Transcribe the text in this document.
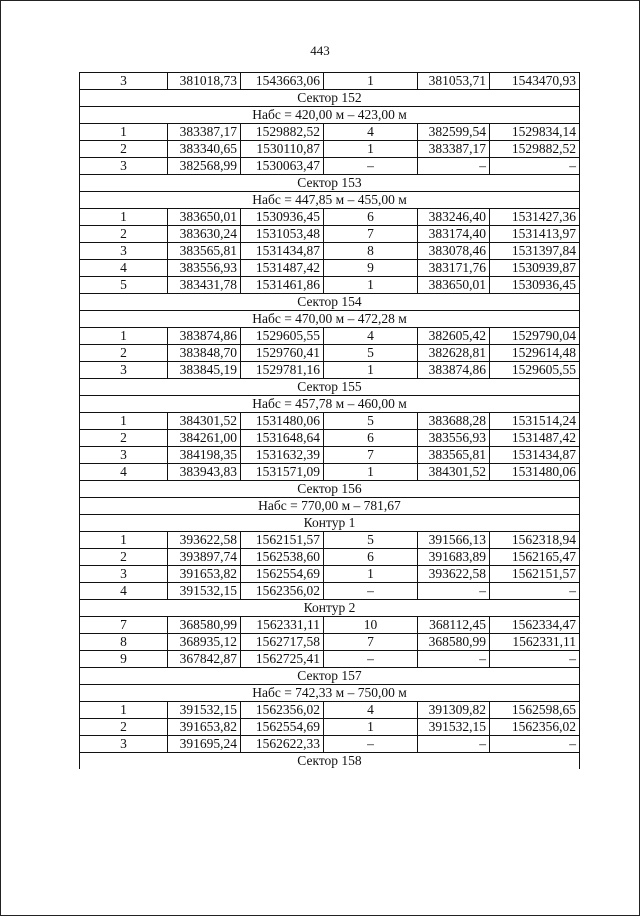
443
3	381018,73	1543663,06	1	381053,71	1543470,93
Сектор 152					
Набс = 420,00 м – 423,00 м					
1	383387,17	1529882,52	4	382599,54	1529834,14
2	383340,65	1530110,87	1	383387,17	1529882,52
3	382568,99	1530063,47	–	–	–
Сектор 153					
Набс = 447,85 м – 455,00 м					
1	383650,01	1530936,45	6	383246,40	1531427,36
2	383630,24	1531053,48	7	383174,40	1531413,97
3	383565,81	1531434,87	8	383078,46	1531397,84
4	383556,93	1531487,42	9	383171,76	1530939,87
5	383431,78	1531461,86	1	383650,01	1530936,45
Сектор 154					
Набс = 470,00 м – 472,28 м					
1	383874,86	1529605,55	4	382605,42	1529790,04
2	383848,70	1529760,41	5	382628,81	1529614,48
3	383845,19	1529781,16	1	383874,86	1529605,55
Сектор 155					
Набс = 457,78 м – 460,00 м					
1	384301,52	1531480,06	5	383688,28	1531514,24
2	384261,00	1531648,64	6	383556,93	1531487,42
3	384198,35	1531632,39	7	383565,81	1531434,87
4	383943,83	1531571,09	1	384301,52	1531480,06
Сектор 156					
Набс = 770,00 м – 781,67					
Контур 1					
1	393622,58	1562151,57	5	391566,13	1562318,94
2	393897,74	1562538,60	6	391683,89	1562165,47
3	391653,82	1562554,69	1	393622,58	1562151,57
4	391532,15	1562356,02	–	–	–
Контур 2					
7	368580,99	1562331,11	10	368112,45	1562334,47
8	368935,12	1562717,58	7	368580,99	1562331,11
9	367842,87	1562725,41	–	–	–
Сектор 157					
Набс = 742,33 м – 750,00 м					
1	391532,15	1562356,02	4	391309,82	1562598,65
2	391653,82	1562554,69	1	391532,15	1562356,02
3	391695,24	1562622,33	–	–	–
Сектор 158					
